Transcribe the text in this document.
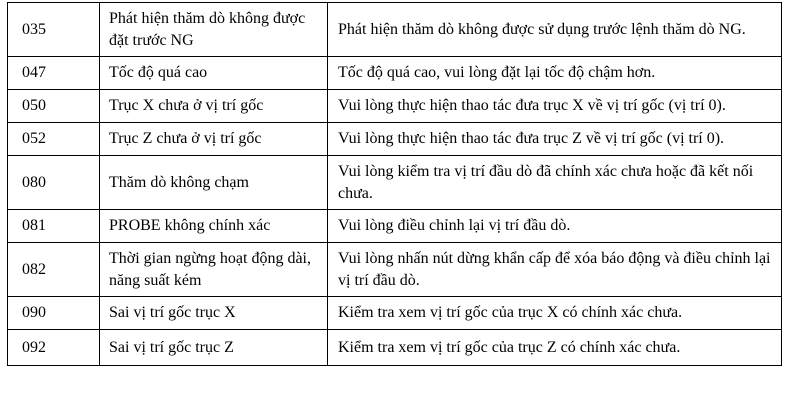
035	Phát hiện thăm dò không được đặt trước NG	Phát hiện thăm dò không được sử dụng trước lệnh thăm dò NG.
047	Tốc độ quá cao	Tốc độ quá cao, vui lòng đặt lại tốc độ chậm hơn.
050	Trục X chưa ở vị trí gốc	Vui lòng thực hiện thao tác đưa trục X về vị trí gốc (vị trí 0).
052	Trục Z chưa ở vị trí gốc	Vui lòng thực hiện thao tác đưa trục Z về vị trí gốc (vị trí 0).
080	Thăm dò không chạm	Vui lòng kiểm tra vị trí đầu dò đã chính xác chưa hoặc đã kết nối chưa.
081	PROBE không chính xác	Vui lòng điều chỉnh lại vị trí đầu dò.
082	Thời gian ngừng hoạt động dài, năng suất kém	Vui lòng nhấn nút dừng khẩn cấp để xóa báo động và điều chỉnh lại vị trí đầu dò.
090	Sai vị trí gốc trục X	Kiểm tra xem vị trí gốc của trục X có chính xác chưa.
092	Sai vị trí gốc trục Z	Kiểm tra xem vị trí gốc của trục Z có chính xác chưa.
